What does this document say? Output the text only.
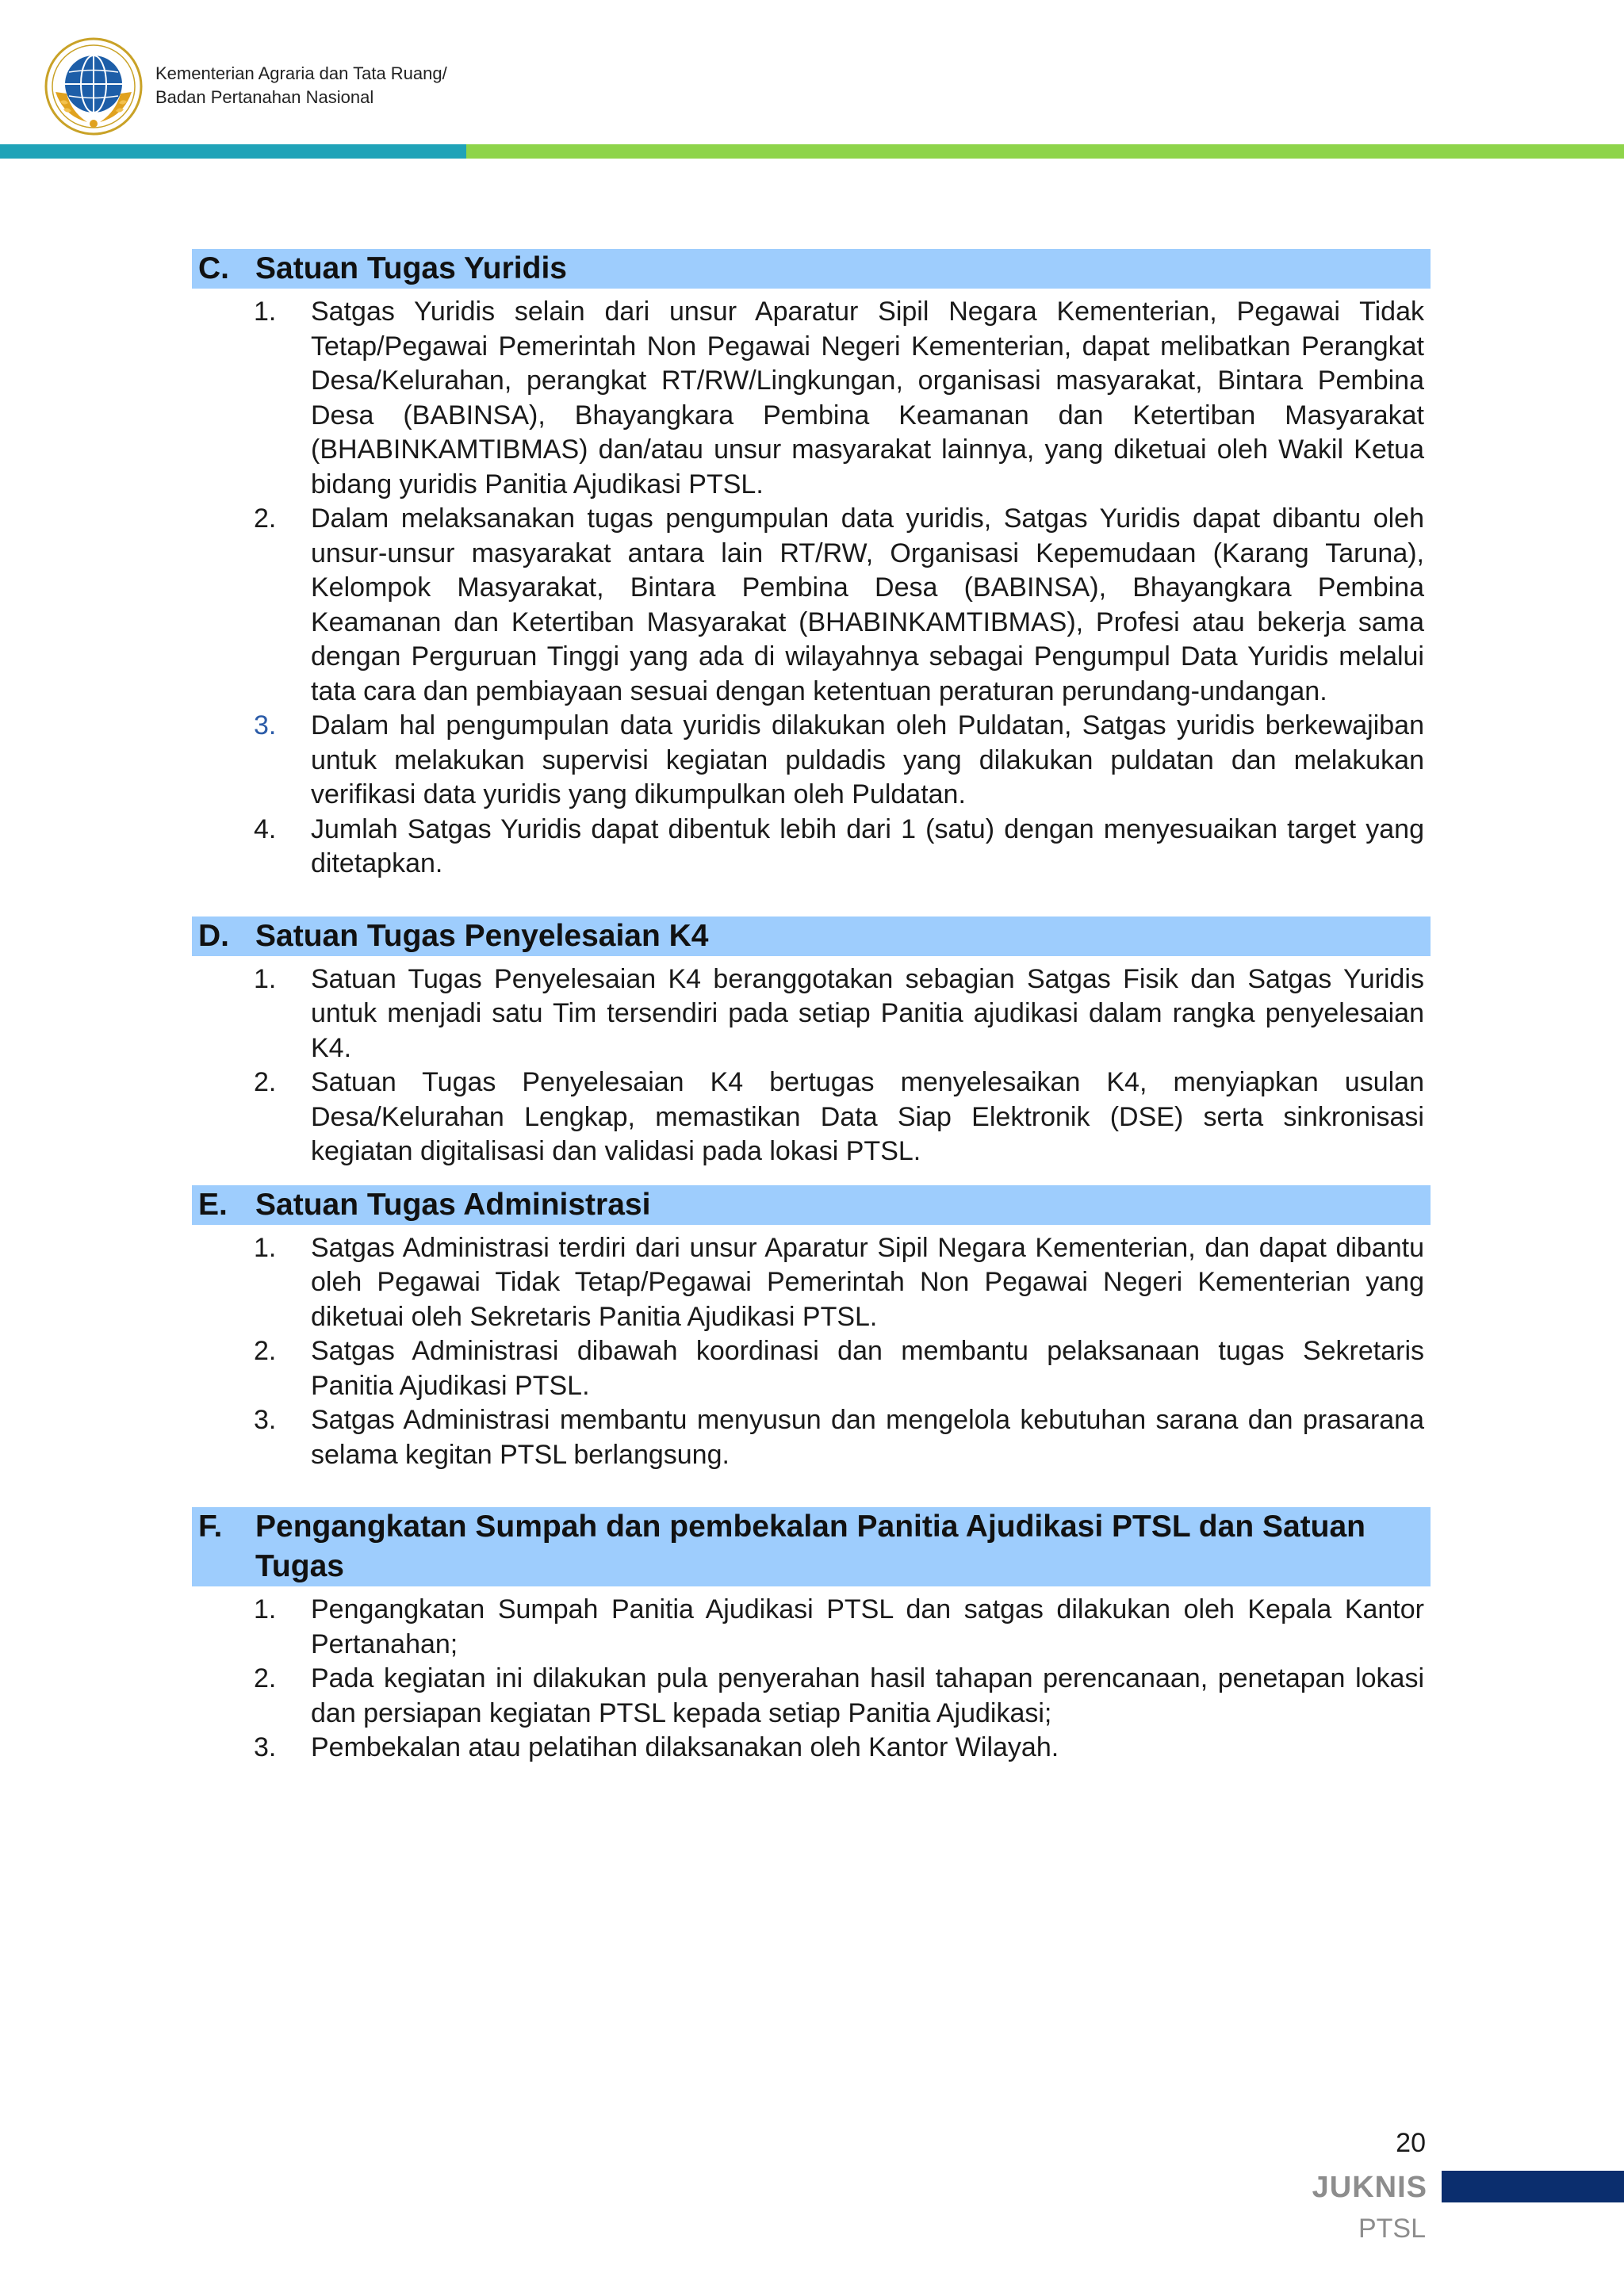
Kementerian Agraria dan Tata Ruang/
Badan Pertanahan Nasional
C. Satuan Tugas Yuridis
1.	Satgas Yuridis selain dari unsur Aparatur Sipil Negara Kementerian, Pegawai Tidak Tetap/Pegawai Pemerintah Non Pegawai Negeri Kementerian, dapat melibatkan Perangkat Desa/Kelurahan, perangkat RT/RW/Lingkungan, organisasi masyarakat, Bintara Pembina Desa (BABINSA), Bhayangkara Pembina Keamanan dan Ketertiban Masyarakat (BHABINKAMTIBMAS) dan/atau unsur masyarakat lainnya, yang diketuai oleh Wakil Ketua bidang yuridis Panitia Ajudikasi PTSL.
2.	Dalam melaksanakan tugas pengumpulan data yuridis, Satgas Yuridis dapat dibantu oleh unsur-unsur masyarakat antara lain RT/RW, Organisasi Kepemudaan (Karang Taruna), Kelompok Masyarakat, Bintara Pembina Desa (BABINSA), Bhayangkara Pembina Keamanan dan Ketertiban Masyarakat (BHABINKAMTIBMAS), Profesi atau bekerja sama dengan Perguruan Tinggi yang ada di wilayahnya sebagai Pengumpul Data Yuridis melalui tata cara dan pembiayaan sesuai dengan ketentuan peraturan perundang-undangan.
3.	Dalam hal pengumpulan data yuridis dilakukan oleh Puldatan, Satgas yuridis berkewajiban untuk melakukan supervisi kegiatan puldadis yang dilakukan puldatan dan melakukan verifikasi data yuridis yang dikumpulkan oleh Puldatan.
4.	Jumlah Satgas Yuridis dapat dibentuk lebih dari 1 (satu) dengan menyesuaikan target yang ditetapkan.
D. Satuan Tugas Penyelesaian K4
1.	Satuan Tugas Penyelesaian K4 beranggotakan sebagian Satgas Fisik dan Satgas Yuridis untuk menjadi satu Tim tersendiri pada setiap Panitia ajudikasi dalam rangka penyelesaian K4.
2.	Satuan Tugas Penyelesaian K4 bertugas menyelesaikan K4, menyiapkan usulan Desa/Kelurahan Lengkap, memastikan Data Siap Elektronik (DSE) serta sinkronisasi kegiatan digitalisasi dan validasi pada lokasi PTSL.
E. Satuan Tugas Administrasi
1.	Satgas Administrasi terdiri dari unsur Aparatur Sipil Negara Kementerian, dan dapat dibantu oleh Pegawai Tidak Tetap/Pegawai Pemerintah Non Pegawai Negeri Kementerian yang diketuai oleh Sekretaris Panitia Ajudikasi PTSL.
2.	Satgas Administrasi dibawah koordinasi dan membantu pelaksanaan tugas Sekretaris Panitia Ajudikasi PTSL.
3.	Satgas Administrasi membantu menyusun dan mengelola kebutuhan sarana dan prasarana selama kegitan PTSL berlangsung.
F.	Pengangkatan Sumpah dan pembekalan Panitia Ajudikasi PTSL dan Satuan Tugas
1.	Pengangkatan Sumpah Panitia Ajudikasi PTSL dan satgas dilakukan oleh Kepala Kantor Pertanahan;
2.	Pada kegiatan ini dilakukan pula penyerahan hasil tahapan perencanaan, penetapan lokasi dan persiapan kegiatan PTSL kepada setiap Panitia Ajudikasi;
3.	Pembekalan atau pelatihan dilaksanakan oleh Kantor Wilayah.
20
JUKNIS
PTSL
